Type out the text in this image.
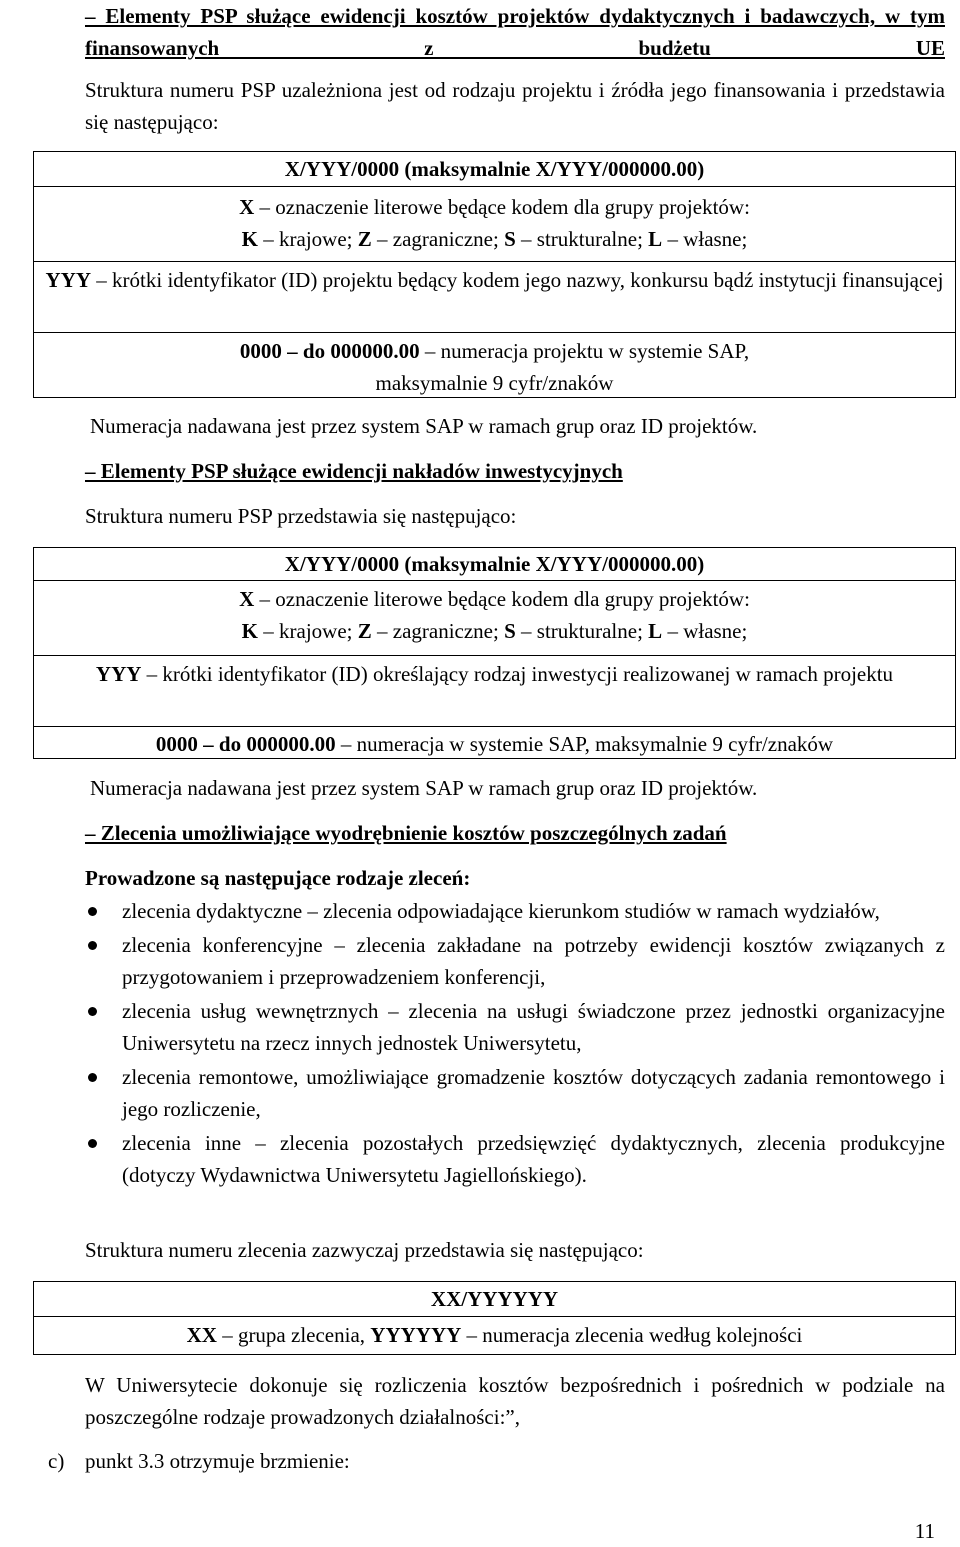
– Elementy PSP służące ewidencji kosztów projektów dydaktycznych i badawczych, w tym finansowanych z budżetu UE
Struktura numeru PSP uzależniona jest od rodzaju projektu i źródła jego finansowania i przedstawia się następująco:
X/YYY/0000 (maksymalnie X/YYY/000000.00)
X – oznaczenie literowe będące kodem dla grupy projektów:
K – krajowe; Z – zagraniczne; S – strukturalne; L – własne;
YYY – krótki identyfikator (ID) projektu będący kodem jego nazwy, konkursu bądź instytucji finansującej
0000 – do 000000.00 – numeracja projektu w systemie SAP,
maksymalnie 9 cyfr/znaków
Numeracja nadawana jest przez system SAP w ramach grup oraz ID projektów.
– Elementy PSP służące ewidencji nakładów inwestycyjnych
Struktura numeru PSP przedstawia się następująco:
X/YYY/0000 (maksymalnie X/YYY/000000.00)
X – oznaczenie literowe będące kodem dla grupy projektów:
K – krajowe; Z – zagraniczne; S – strukturalne; L – własne;
YYY – krótki identyfikator (ID) określający rodzaj inwestycji realizowanej w ramach projektu
0000 – do 000000.00 – numeracja w systemie SAP, maksymalnie 9 cyfr/znaków
Numeracja nadawana jest przez system SAP w ramach grup oraz ID projektów.
– Zlecenia umożliwiające wyodrębnienie kosztów poszczególnych zadań
Prowadzone są następujące rodzaje zleceń:
zlecenia dydaktyczne – zlecenia odpowiadające kierunkom studiów w ramach wydziałów,
zlecenia konferencyjne – zlecenia zakładane na potrzeby ewidencji kosztów związanych z przygotowaniem i przeprowadzeniem konferencji,
zlecenia usług wewnętrznych – zlecenia na usługi świadczone przez jednostki organizacyjne Uniwersytetu na rzecz innych jednostek Uniwersytetu,
zlecenia remontowe, umożliwiające gromadzenie kosztów dotyczących zadania remontowego i jego rozliczenie,
zlecenia inne – zlecenia pozostałych przedsięwzięć dydaktycznych, zlecenia produkcyjne (dotyczy Wydawnictwa Uniwersytetu Jagiellońskiego).
Struktura numeru zlecenia zazwyczaj przedstawia się następująco:
XX/YYYYYY
XX – grupa zlecenia, YYYYYY – numeracja zlecenia według kolejności
W Uniwersytecie dokonuje się rozliczenia kosztów bezpośrednich i pośrednich w podziale na poszczególne rodzaje prowadzonych działalności:”,
c) punkt 3.3 otrzymuje brzmienie:
11
